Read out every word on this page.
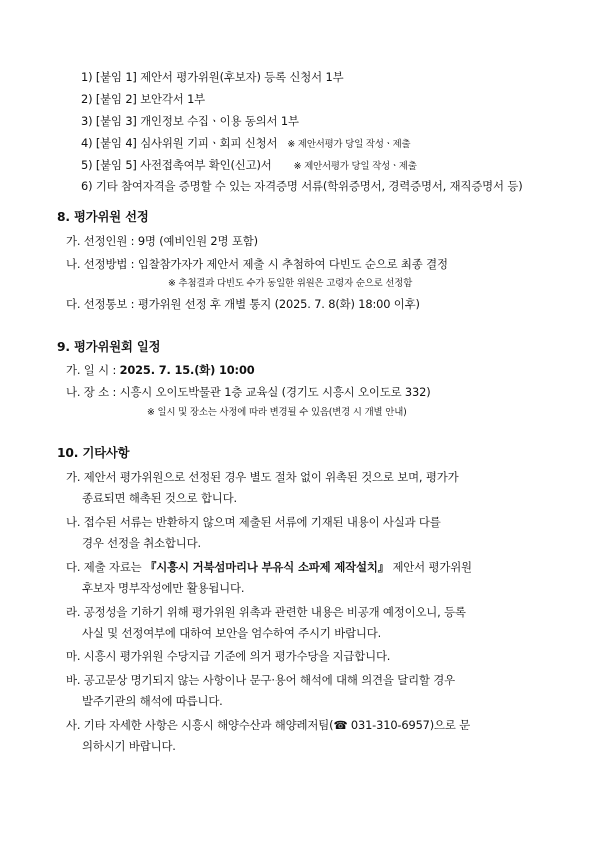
1) [붙임 1] 제안서 평가위원(후보자) 등록 신청서 1부
2) [붙임 2] 보안각서 1부
3) [붙임 3] 개인정보 수집ㆍ이용 동의서 1부
4) [붙임 4] 심사위원 기피ㆍ회피 신청서 ※ 제안서평가 당일 작성ㆍ제출
5) [붙임 5] 사전접촉여부 확인(신고)서 ※ 제안서평가 당일 작성ㆍ제출
6) 기타 참여자격을 증명할 수 있는 자격증명 서류(학위증명서, 경력증명서, 재직증명서 등)
8. 평가위원 선정
가. 선정인원 : 9명 (예비인원 2명 포함)
나. 선정방법 : 입찰참가자가 제안서 제출 시 추첨하여 다빈도 순으로 최종 결정
※ 추첨결과 다빈도 수가 동일한 위원은 고령자 순으로 선정함
다. 선정통보 : 평가위원 선정 후 개별 통지 (2025. 7. 8(화) 18:00 이후)
9. 평가위원회 일정
가. 일 시 : 2025. 7. 15.(화) 10:00
나. 장 소 : 시흥시 오이도박물관 1층 교육실 (경기도 시흥시 오이도로 332)
※ 일시 및 장소는 사정에 따라 변경될 수 있음(변경 시 개별 안내)
10. 기타사항
가. 제안서 평가위원으로 선정된 경우 별도 절차 없이 위촉된 것으로 보며, 평가가
종료되면 해촉된 것으로 합니다.
나. 접수된 서류는 반환하지 않으며 제출된 서류에 기재된 내용이 사실과 다를
경우 선정을 취소합니다.
다. 제출 자료는 『시흥시 거북섬마리나 부유식 소파제 제작설치』 제안서 평가위원
후보자 명부작성에만 활용됩니다.
라. 공정성을 기하기 위해 평가위원 위촉과 관련한 내용은 비공개 예정이오니, 등록
사실 및 선정여부에 대하여 보안을 엄수하여 주시기 바랍니다.
마. 시흥시 평가위원 수당지급 기준에 의거 평가수당을 지급합니다.
바. 공고문상 명기되지 않는 사항이나 문구·용어 해석에 대해 의견을 달리할 경우
발주기관의 해석에 따릅니다.
사. 기타 자세한 사항은 시흥시 해양수산과 해양레저팀(☎ 031-310-6957)으로 문
의하시기 바랍니다.
